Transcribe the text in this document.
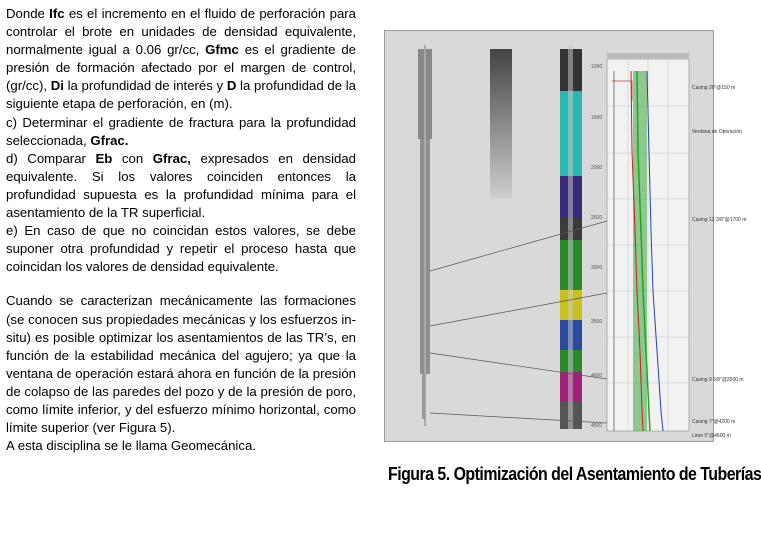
Donde Ifc es el incremento en el fluido de perforación para controlar el brote en unidades de densidad equivalente, normalmente igual a 0.06 gr/cc, Gfmc es el gradiente de presión de formación afectado por el margen de control, (gr/cc), Di la profundidad de interés y D la profundidad de la siguiente etapa de perforación, en (m).

c) Determinar el gradiente de fractura para la profundidad seleccionada, Gfrac.

d) Comparar Eb con Gfrac, expresados en densidad equivalente. Si los valores coinciden entonces la profundidad supuesta es la profundidad mínima para el asentamiento de la TR superficial.

e) En caso de que no coincidan estos valores, se debe suponer otra profundidad y repetir el proceso hasta que coincidan los valores de densidad equivalente.

Cuando se caracterizan mecánicamente las formaciones (se conocen sus propiedades mecánicas y los esfuerzos in-situ) es posible optimizar los asentamientos de las TR’s, en función de la estabilidad mecánica del agujero; ya que la ventana de operación estará ahora en función de la presión de colapso de las paredes del pozo y de la presión de poro, como límite inferior, y del esfuerzo mínimo horizontal, como límite superior (ver Figura 5).

A esta disciplina se le llama Geomecánica.

1000
1500
2000
2500
3000
3500
4000
4500
Casing 20"@150 m
Ventana de Operación
Casing 13 3/8"@1700 m
Casing 9 5/8"@3500 m
Casing 7"@4200 m
Liner 5"@4600 m
Figura 5. Optimización del Asentamiento de Tuberías
